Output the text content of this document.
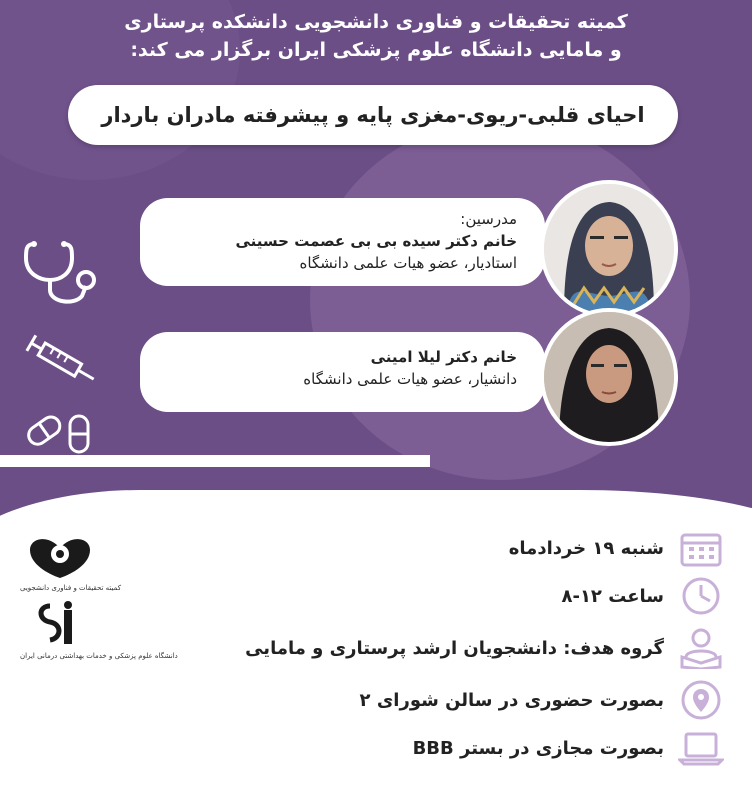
کمیته تحقیقات و فناوری دانشجویی دانشکده پرستاری
و مامایی دانشگاه علوم پزشکی ایران برگزار می کند:
احیای قلبی-ریوی-مغزی پایه و پیشرفته مادران باردار
مدرسین:
خانم دکتر سیده بی بی عصمت حسینی
استادیار، عضو هیات علمی دانشگاه
خانم دکتر لیلا امینی
دانشیار، عضو هیات علمی دانشگاه
کمیته تحقیقات و فناوری دانشجویی
دانشگاه علوم پزشکی و خدمات بهداشتی درمانی ایران
شنبه ۱۹ خردادماه
ساعت ۱۲-۸
گروه هدف: دانشجویان ارشد پرستاری و مامایی
بصورت حضوری در سالن شورای ۲
بصورت مجازی در بستر BBB
